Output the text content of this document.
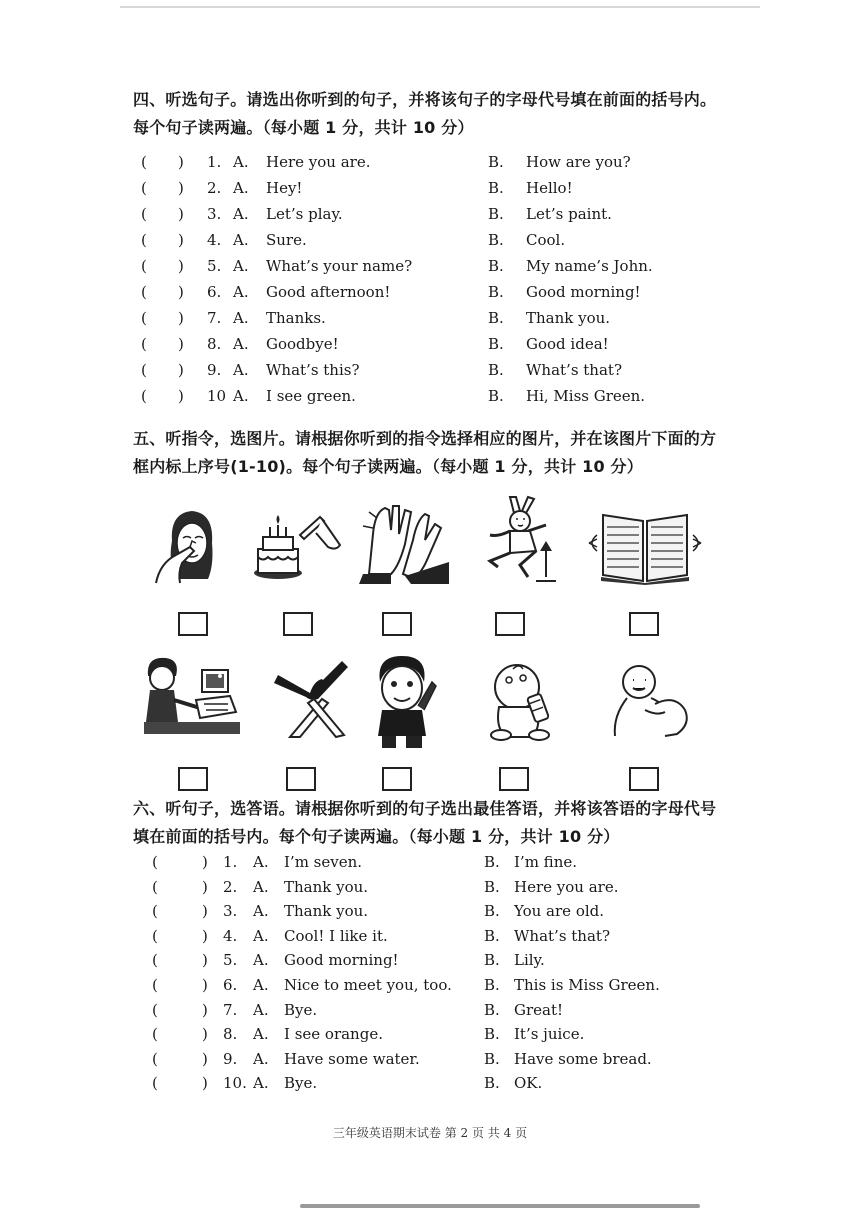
四、听选句子。请选出你听到的句子，并将该句子的字母代号填在前面的括号内。
每个句子读两遍。（每小题 1 分，共计 10 分）
( ) 1. A. Here you are.	B. How are you?
( ) 2. A. Hey!	B. Hello!
( ) 3. A. Let’s play.	B. Let’s paint.
( ) 4. A. Sure.	B. Cool.
( ) 5. A. What’s your name?	B. My name’s John.
( ) 6. A. Good afternoon!	B. Good morning!
( ) 7. A. Thanks.	B. Thank you.
( ) 8. A. Goodbye!	B. Good idea!
( ) 9. A. What’s this?	B. What’s that?
( ) 10 A. I see green.	B. Hi, Miss Green.
五、听指令，选图片。请根据你听到的指令选择相应的图片，并在该图片下面的方
框内标上序号(1-10)。每个句子读两遍。（每小题 1 分，共计 10 分）
六、听句子，选答语。请根据你听到的句子选出最佳答语，并将该答语的字母代号
填在前面的括号内。每个句子读两遍。（每小题 1 分，共计 10 分）
(	) 1. A. I’m seven.	B. I’m fine.
(	) 2. A. Thank you.	B. Here you are.
(	) 3. A. Thank you.	B. You are old.
(	) 4. A. Cool! I like it.	B. What’s that?
(	) 5. A. Good morning!	B. Lily.
(	) 6. A. Nice to meet you, too. B. This is Miss Green.
(	) 7. A. Bye.	B. Great!
(	) 8. A. I see orange.	B. It’s juice.
(	) 9. A. Have some water.	B. Have some bread.
(	) 10. A. Bye.	B. OK.
三年级英语期末试卷 第 2 页 共 4 页
